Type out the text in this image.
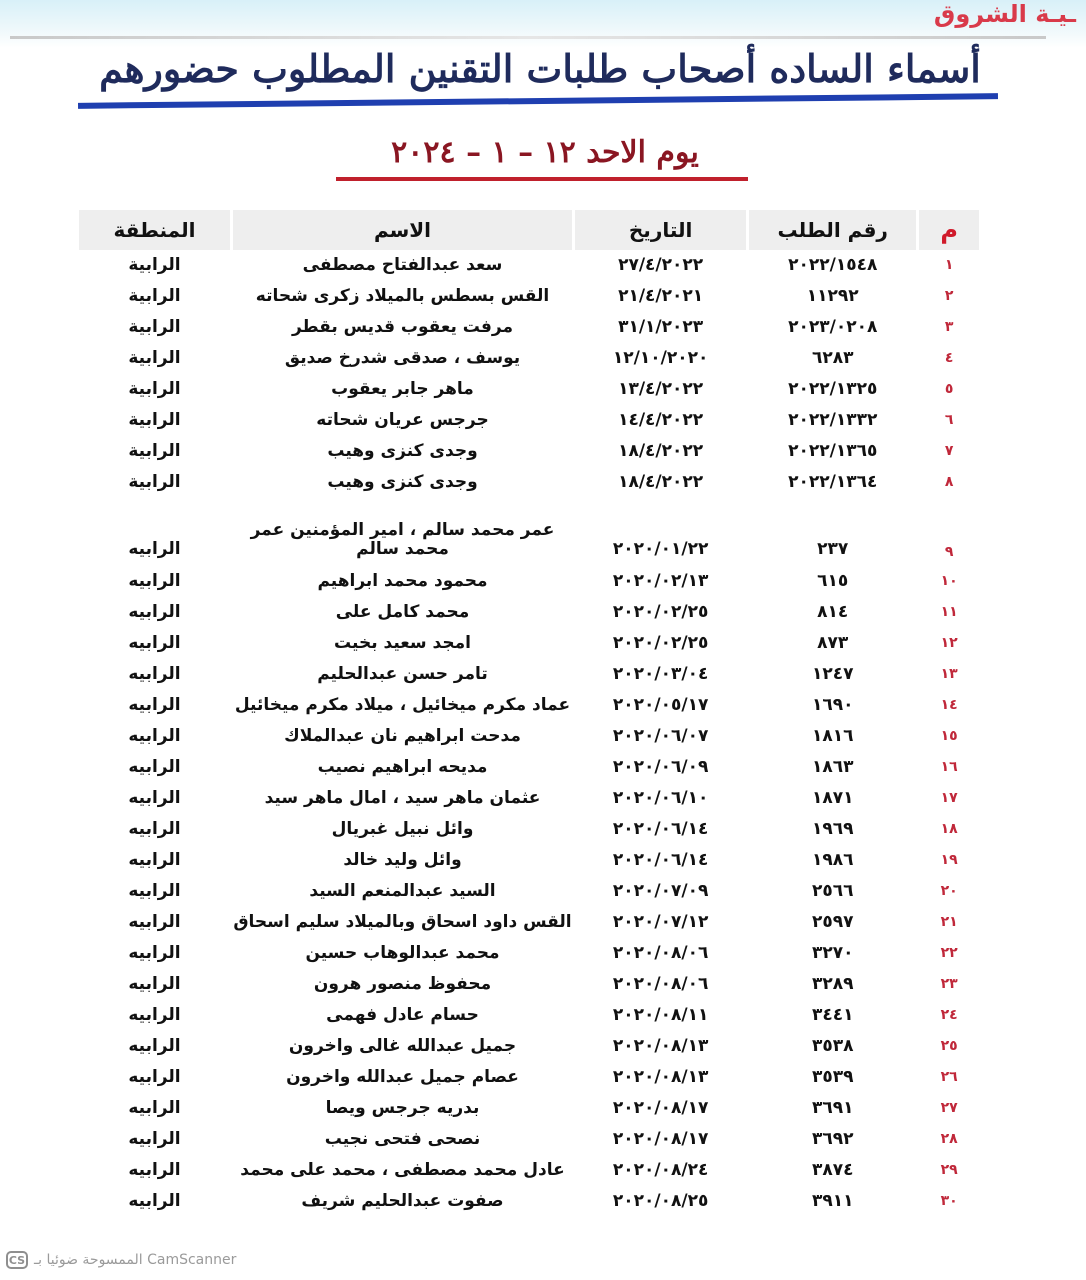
ـيـة الشروق
أسماء الساده أصحاب طلبات التقنين المطلوب حضورهم
يوم الاحد ١٢ – ١ – ٢٠٢٤
م	رقم الطلب	التاريخ	الاسم	المنطقة
١	٢٠٢٢/١٥٤٨	٢٧/٤/٢٠٢٢	سعد عبدالفتاح مصطفى	الرابية
٢	١١٢٩٢	٢١/٤/٢٠٢١	القس بسطس بالميلاد زكرى شحاته	الرابية
٣	٢٠٢٣/٠٢٠٨	٣١/١/٢٠٢٣	مرفت يعقوب قديس بقطر	الرابية
٤	٦٢٨٣	١٢/١٠/٢٠٢٠	يوسف ، صدقى شدرخ صديق	الرابية
٥	٢٠٢٢/١٣٢٥	١٣/٤/٢٠٢٢	ماهر جابر يعقوب	الرابية
٦	٢٠٢٢/١٣٣٢	١٤/٤/٢٠٢٢	جرجس عريان شحاته	الرابية
٧	٢٠٢٢/١٣٦٥	١٨/٤/٢٠٢٢	وجدى كنزى وهيب	الرابية
٨	٢٠٢٢/١٣٦٤	١٨/٤/٢٠٢٢	وجدى كنزى وهيب	الرابية
٩	٢٣٧	٢٠٢٠/٠١/٢٢	عمر محمد سالم ، امير المؤمنين عمر محمد سالم	الرابيه
١٠	٦١٥	٢٠٢٠/٠٢/١٣	محمود محمد ابراهيم	الرابيه
١١	٨١٤	٢٠٢٠/٠٢/٢٥	محمد كامل على	الرابيه
١٢	٨٧٣	٢٠٢٠/٠٢/٢٥	امجد سعيد بخيت	الرابيه
١٣	١٢٤٧	٢٠٢٠/٠٣/٠٤	تامر حسن عبدالحليم	الرابيه
١٤	١٦٩٠	٢٠٢٠/٠٥/١٧	عماد مكرم ميخائيل ، ميلاد مكرم ميخائيل	الرابيه
١٥	١٨١٦	٢٠٢٠/٠٦/٠٧	مدحت ابراهيم نان عبدالملاك	الرابيه
١٦	١٨٦٣	٢٠٢٠/٠٦/٠٩	مديحه ابراهيم نصيب	الرابيه
١٧	١٨٧١	٢٠٢٠/٠٦/١٠	عثمان ماهر سيد ، امال ماهر سيد	الرابيه
١٨	١٩٦٩	٢٠٢٠/٠٦/١٤	وائل نبيل غبريال	الرابيه
١٩	١٩٨٦	٢٠٢٠/٠٦/١٤	وائل وليد خالد	الرابيه
٢٠	٢٥٦٦	٢٠٢٠/٠٧/٠٩	السيد عبدالمنعم السيد	الرابيه
٢١	٢٥٩٧	٢٠٢٠/٠٧/١٢	القس داود اسحاق وبالميلاد سليم اسحاق	الرابيه
٢٢	٣٢٧٠	٢٠٢٠/٠٨/٠٦	محمد عبدالوهاب حسين	الرابيه
٢٣	٣٢٨٩	٢٠٢٠/٠٨/٠٦	محفوظ منصور هرون	الرابيه
٢٤	٣٤٤١	٢٠٢٠/٠٨/١١	حسام عادل فهمى	الرابيه
٢٥	٣٥٣٨	٢٠٢٠/٠٨/١٣	جميل عبدالله غالى واخرون	الرابيه
٢٦	٣٥٣٩	٢٠٢٠/٠٨/١٣	عصام جميل عبدالله واخرون	الرابيه
٢٧	٣٦٩١	٢٠٢٠/٠٨/١٧	بدريه جرجس ويصا	الرابيه
٢٨	٣٦٩٢	٢٠٢٠/٠٨/١٧	نصحى فتحى نجيب	الرابيه
٢٩	٣٨٧٤	٢٠٢٠/٠٨/٢٤	عادل محمد مصطفى ، محمد على محمد	الرابيه
٣٠	٣٩١١	٢٠٢٠/٠٨/٢٥	صفوت عبدالحليم شريف	الرابيه
CS الممسوحة ضوئيا بـ CamScanner
